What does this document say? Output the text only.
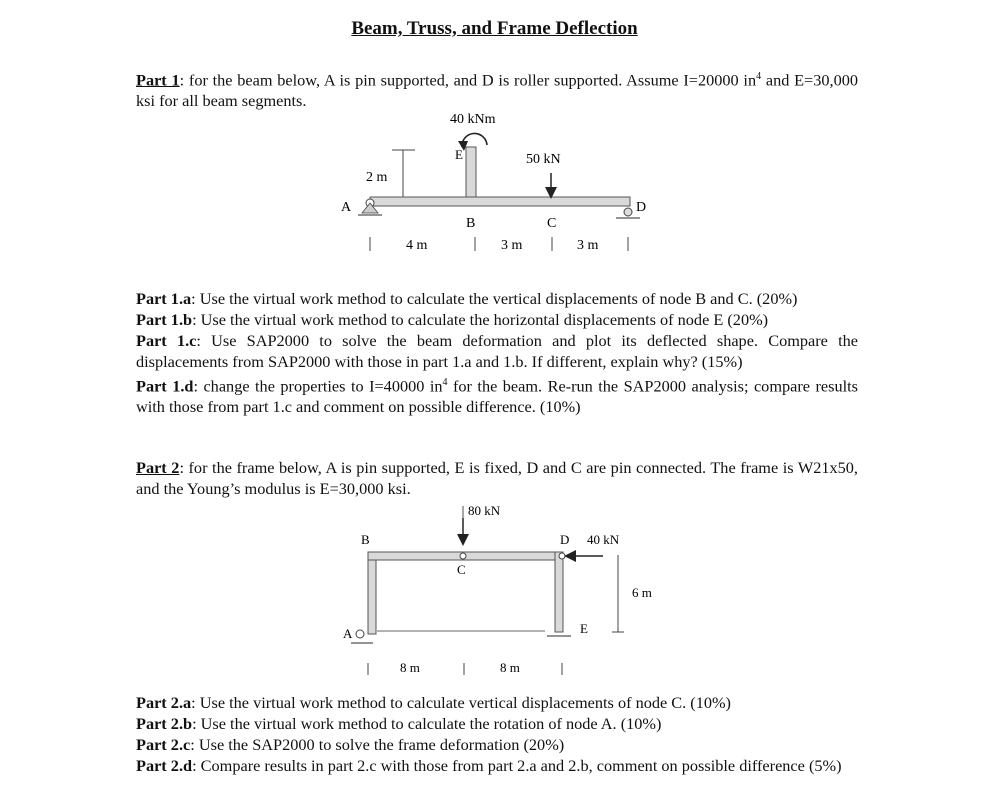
Beam, Truss, and Frame Deflection
Part 1: for the beam below, A is pin supported, and D is roller supported. Assume I=20000 $in^4$ and E=30,000 ksi for all beam segments.
40 kNm
E
2 m
50 kN
A	D
B	C
4 m	3 m	3 m
Part 1.a: Use the virtual work method to calculate the vertical displacements of node B and C. (20%)
Part 1.b: Use the virtual work method to calculate the horizontal displacements of node E (20%)
Part 1.c: Use SAP2000 to solve the beam deformation and plot its deflected shape. Compare the displacements from SAP2000 with those in part 1.a and 1.b. If different, explain why? (15%)
Part 1.d: change the properties to I=40000 $in^4$ for the beam. Re-run the SAP2000 analysis; compare results with those from part 1.c and comment on possible difference. (10%)
Part 2: for the frame below, A is pin supported, E is fixed, D and C are pin connected. The frame is W21x50, and the Young’s modulus is E=30,000 ksi.
80 kN
B
C
D 40 kN
6 m
A	E
8 m	8 m
Part 2.a: Use the virtual work method to calculate vertical displacements of node C. (10%)
Part 2.b: Use the virtual work method to calculate the rotation of node A. (10%)
Part 2.c: Use the SAP2000 to solve the frame deformation (20%)
Part 2.d: Compare results in part 2.c with those from part 2.a and 2.b, comment on possible difference (5%)
